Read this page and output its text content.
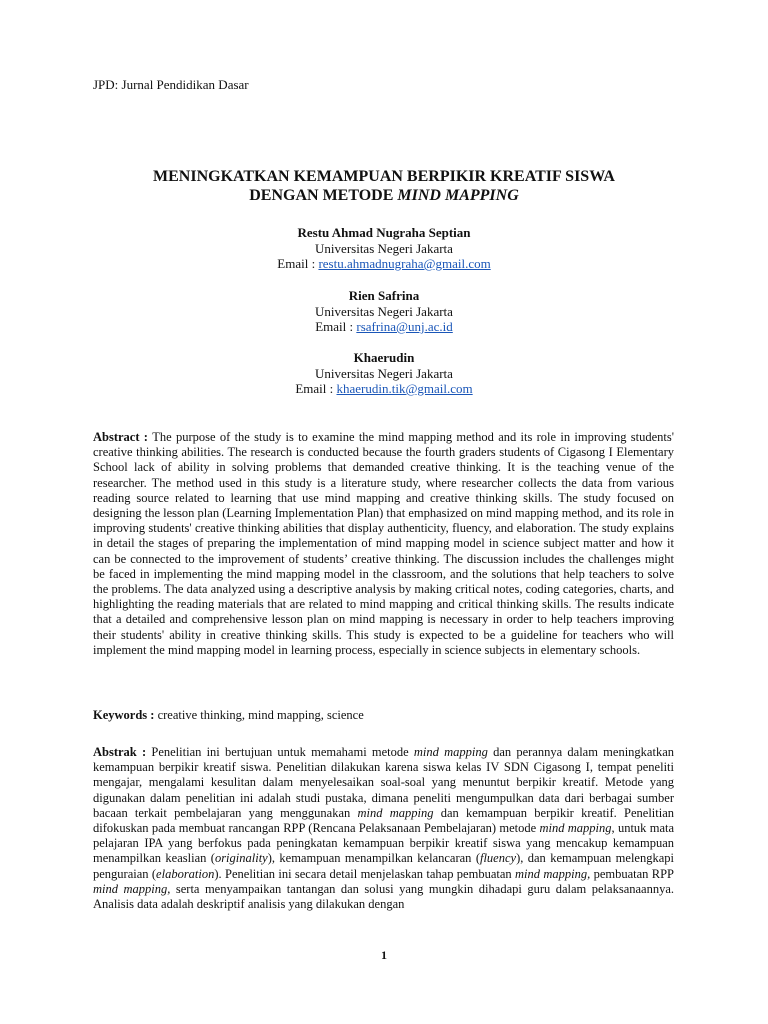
JPD: Jurnal Pendidikan Dasar
MENINGKATKAN KEMAMPUAN BERPIKIR KREATIF SISWA
DENGAN METODE MIND MAPPING
Restu Ahmad Nugraha Septian
Universitas Negeri Jakarta
Email : restu.ahmadnugraha@gmail.com
Rien Safrina
Universitas Negeri Jakarta
Email : rsafrina@unj.ac.id
Khaerudin
Universitas Negeri Jakarta
Email : khaerudin.tik@gmail.com
Abstract : The purpose of the study is to examine the mind mapping method and its role in improving students' creative thinking abilities. The research is conducted because the fourth graders students of Cigasong I Elementary School lack of ability in solving problems that demanded creative thinking. It is the teaching venue of the researcher. The method used in this study is a literature study, where researcher collects the data from various reading source related to learning that use mind mapping and creative thinking skills. The study focused on designing the lesson plan (Learning Implementation Plan) that emphasized on mind mapping method, and its role in improving students' creative thinking abilities that display authenticity, fluency, and elaboration. The study explains in detail the stages of preparing the implementation of mind mapping model in science subject matter and how it can be connected to the improvement of students’ creative thinking. The discussion includes the challenges might be faced in implementing the mind mapping model in the classroom, and the solutions that help teachers to solve the problems. The data analyzed using a descriptive analysis by making critical notes, coding categories, charts, and highlighting the reading materials that are related to mind mapping and critical thinking skills. The results indicate that a detailed and comprehensive lesson plan on mind mapping is necessary in order to help teachers improving their students' ability in creative thinking skills. This study is expected to be a guideline for teachers who will implement the mind mapping model in learning process, especially in science subjects in elementary schools.
Keywords : creative thinking, mind mapping, science
Abstrak : Penelitian ini bertujuan untuk memahami metode mind mapping dan perannya dalam meningkatkan kemampuan berpikir kreatif siswa. Penelitian dilakukan karena siswa kelas IV SDN Cigasong I, tempat peneliti mengajar, mengalami kesulitan dalam menyelesaikan soal-soal yang menuntut berpikir kreatif. Metode yang digunakan dalam penelitian ini adalah studi pustaka, dimana peneliti mengumpulkan data dari berbagai sumber bacaan terkait pembelajaran yang menggunakan mind mapping dan kemampuan berpikir kreatif. Penelitian difokuskan pada membuat rancangan RPP (Rencana Pelaksanaan Pembelajaran) metode mind mapping, untuk mata pelajaran IPA yang berfokus pada peningkatan kemampuan berpikir kreatif siswa yang mencakup kemampuan menampilkan keaslian (originality), kemampuan menampilkan kelancaran (fluency), dan kemampuan melengkapi penguraian (elaboration). Penelitian ini secara detail menjelaskan tahap pembuatan mind mapping, pembuatan RPP mind mapping, serta menyampaikan tantangan dan solusi yang mungkin dihadapi guru dalam pelaksanaannya. Analisis data adalah deskriptif analisis yang dilakukan dengan
1
